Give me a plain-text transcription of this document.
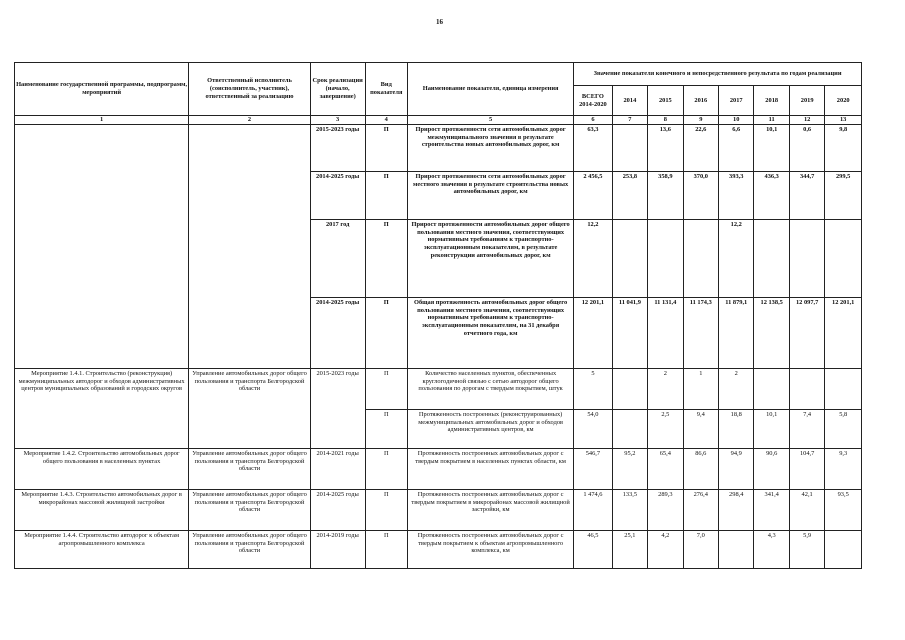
16
Наименование государственной программы, подпрограмм, мероприятий	Ответственный исполнитель (соисполнитель, участник), ответственный за реализацию	Срок реализации (начало, завершение)	Вид показателя	Наименование показателя, единица измерения	Значение показателя конечного и непосредственного результата по годам реализации							
					ВСЕГО 2014-2020	2014	2015	2016	2017	2018	2019	2020
1	2	3	4	5	6	7	8	9	10	11	12	13
		2015-2023 годы	П	Прирост протяженности сети автомобильных дорог межмуниципального значения в результате строительства новых автомобильных дорог, км	63,3		13,6	22,6	6,6	10,1	0,6	9,8
		2014-2025 годы	П	Прирост протяженности сети автомобильных дорог местного значения в результате строительства новых автомобильных дорог, км	2 456,5	253,8	358,9	370,0	393,3	436,3	344,7	299,5
		2017 год	П	Прирост протяженности автомобильных дорог общего пользования местного значения, соответствующих нормативным требованиям к транспортно-эксплуатационным показателям, в результате реконструкции автомобильных дорог, км	12,2				12,2			
		2014-2025 годы	П	Общая протяженность автомобильных дорог общего пользования местного значения, соответствующих нормативным требованиям к транспортно-эксплуатационным показателям, на 31 декабря отчетного года, км	12 201,1	11 041,9	11 131,4	11 174,3	11 879,1	12 138,5	12 097,7	12 201,1
Мероприятие 1.4.1. Строительство (реконструкция) межмуниципальных автодорог и обходов административных центров муниципальных образований и городских округов	Управление автомобильных дорог общего пользования и транспорта Белгородской области	2015-2023 годы	П	Количество населенных пунктов, обеспеченных круглогодичной связью с сетью автодорог общего пользования по дорогам с твердым покрытием, штук	5		2	1	2			
			П	Протяженность построенных (реконструированных) межмуниципальных автомобильных дорог и обходов административных центров, км	54,0		2,5	9,4	18,8	10,1	7,4	5,8
Мероприятие 1.4.2. Строительство автомобильных дорог общего пользования в населенных пунктах	Управление автомобильных дорог общего пользования и транспорта Белгородской области	2014-2021 годы	П	Протяженность построенных автомобильных дорог с твердым покрытием в населенных пунктах области, км	546,7	95,2	65,4	86,6	94,9	90,6	104,7	9,3
Мероприятие 1.4.3. Строительство автомобильных дорог в микрорайонах массовой жилищной застройки	Управление автомобильных дорог общего пользования и транспорта Белгородской области	2014-2025 годы	П	Протяженность построенных автомобильных дорог с твердым покрытием в микрорайонах массовой жилищной застройки, км	1 474,6	133,5	289,3	276,4	298,4	341,4	42,1	93,5
Мероприятие 1.4.4. Строительство автодорог к объектам агропромышленного комплекса	Управление автомобильных дорог общего пользования и транспорта Белгородской области	2014-2019 годы	П	Протяженность построенных автомобильных дорог с твердым покрытием к объектам агропромышленного комплекса, км	46,5	25,1	4,2	7,0		4,3	5,9	
